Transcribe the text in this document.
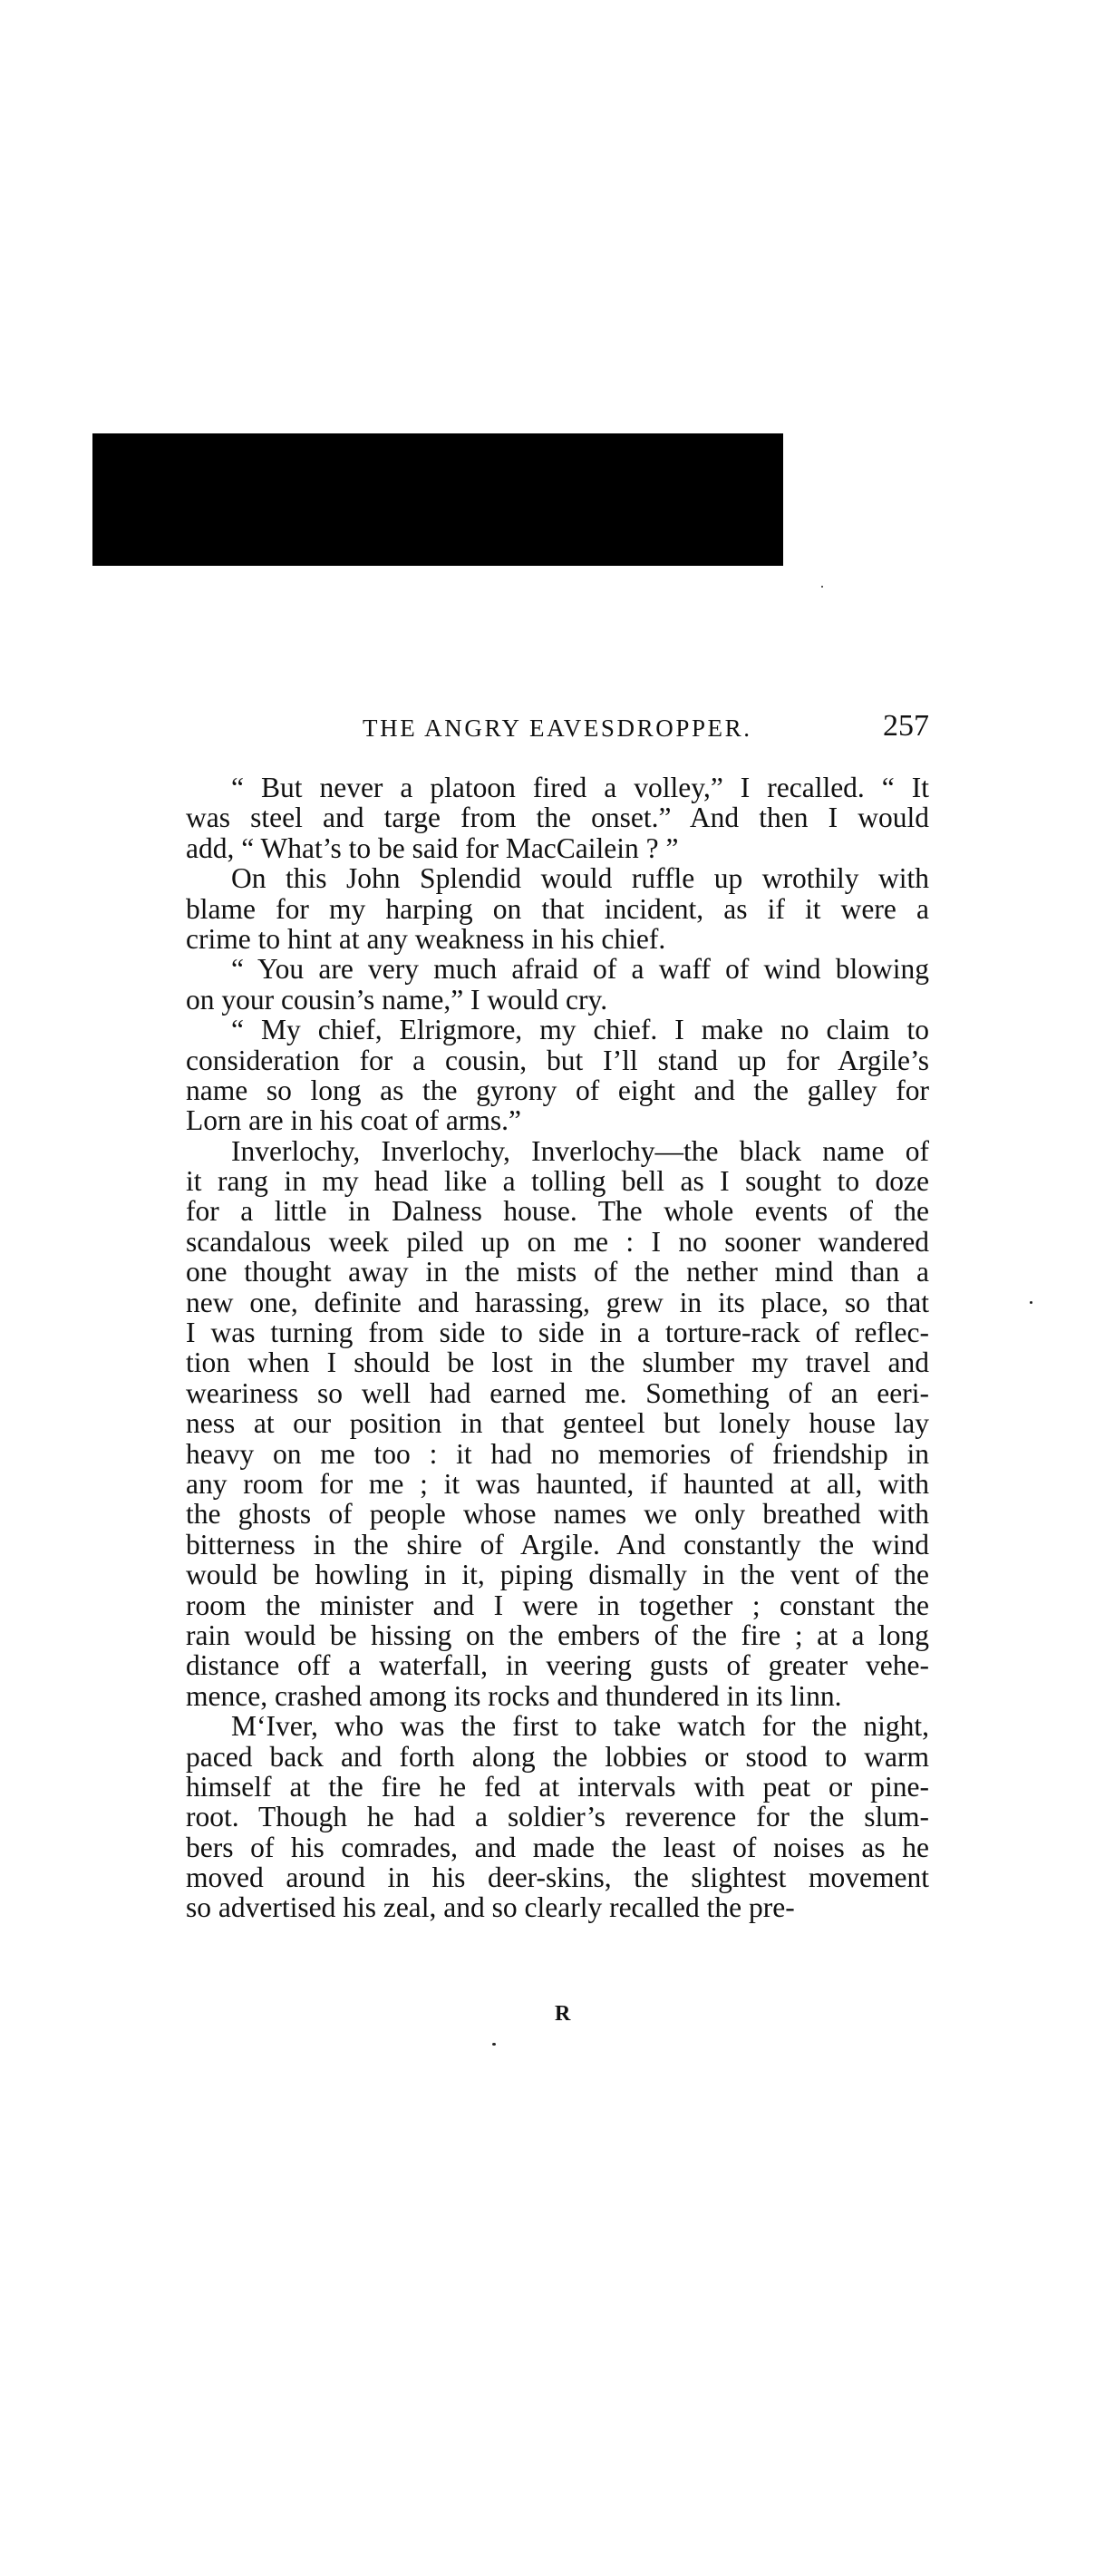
THE ANGRY EAVESDROPPER.	257
“ But never a platoon fired a volley,” I recalled. “ It
was steel and targe from the onset.” And then I would
add, “ What’s to be said for MacCailein ? ”
On this John Splendid would ruffle up wrothily with
blame for my harping on that incident, as if it were a
crime to hint at any weakness in his chief.
“ You are very much afraid of a waff of wind blowing
on your cousin’s name,” I would cry.
“ My chief, Elrigmore, my chief. I make no claim to
consideration for a cousin, but I’ll stand up for Argile’s
name so long as the gyrony of eight and the galley for
Lorn are in his coat of arms.”
Inverlochy, Inverlochy, Inverlochy—the black name of
it rang in my head like a tolling bell as I sought to doze
for a little in Dalness house. The whole events of the
scandalous week piled up on me : I no sooner wandered
one thought away in the mists of the nether mind than a
new one, definite and harassing, grew in its place, so that
I was turning from side to side in a torture-rack of reflec-
tion when I should be lost in the slumber my travel and
weariness so well had earned me. Something of an eeri-
ness at our position in that genteel but lonely house lay
heavy on me too : it had no memories of friendship in
any room for me ; it was haunted, if haunted at all, with
the ghosts of people whose names we only breathed with
bitterness in the shire of Argile. And constantly the wind
would be howling in it, piping dismally in the vent of the
room the minister and I were in together ; constant the
rain would be hissing on the embers of the fire ; at a long
distance off a waterfall, in veering gusts of greater vehe-
mence, crashed among its rocks and thundered in its linn.
M‘Iver, who was the first to take watch for the night,
paced back and forth along the lobbies or stood to warm
himself at the fire he fed at intervals with peat or pine-
root. Though he had a soldier’s reverence for the slum-
bers of his comrades, and made the least of noises as he
moved around in his deer-skins, the slightest movement
so advertised his zeal, and so clearly recalled the pre-
R
